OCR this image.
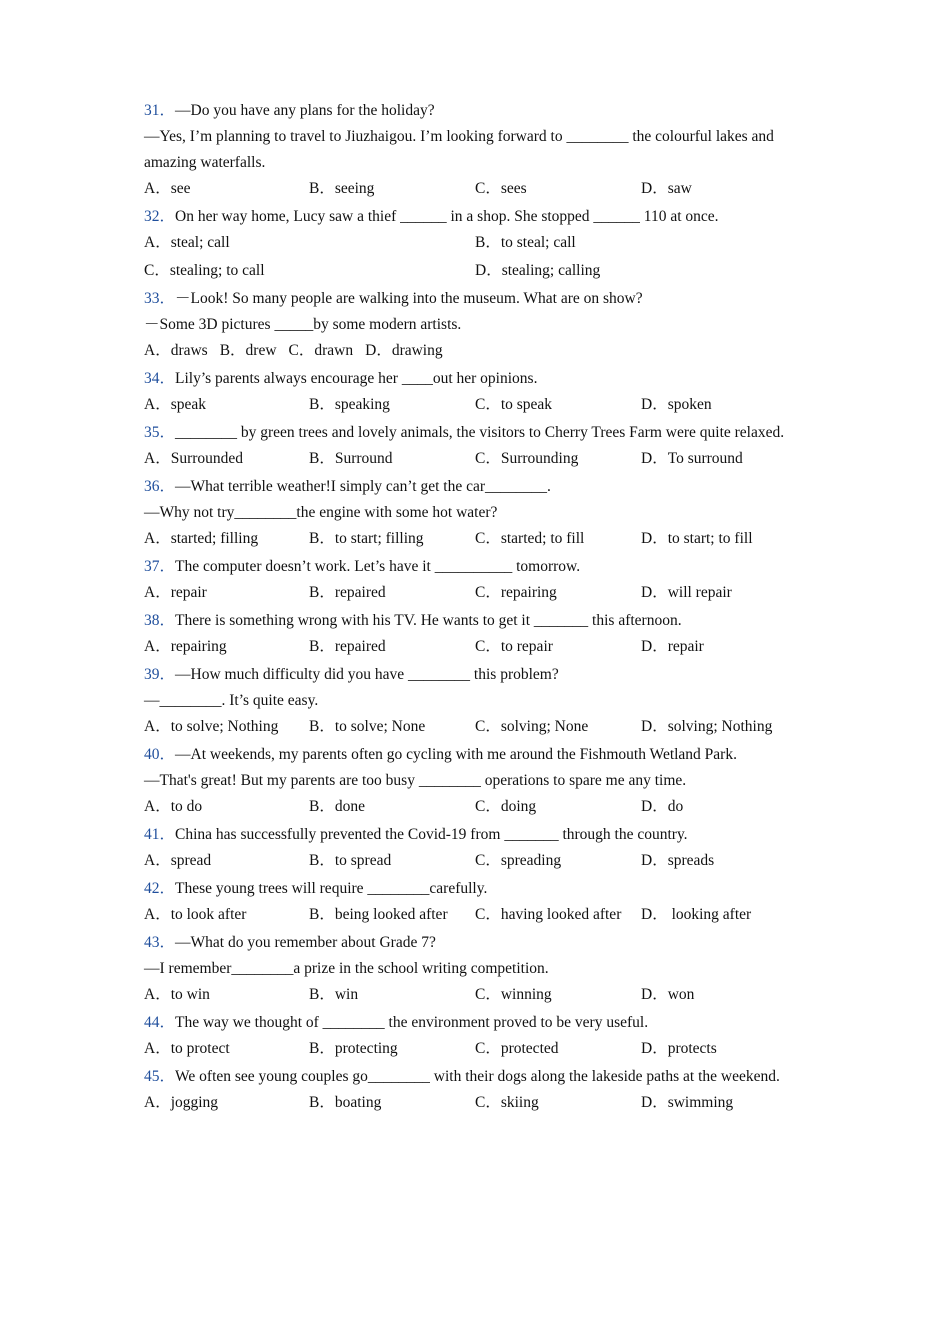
31．—Do you have any plans for the holiday?
—Yes, I’m planning to travel to Jiuzhaigou. I’m looking forward to ________ the colourful lakes and amazing waterfalls.
A．see	B．seeing	C．sees	D．saw
32．On her way home, Lucy saw a thief ______ in a shop. She stopped ______ 110 at once.
A．steal; call	B．to steal; call
C．stealing; to call	D．stealing; calling
33．－Look! So many people are walking into the museum. What are on show?
－Some 3D pictures _____by some modern artists.
A．draws B．drew C．drawn D．drawing
34．Lily’s parents always encourage her ____out her opinions.
A．speak	B．speaking	C．to speak	D．spoken
35．________ by green trees and lovely animals, the visitors to Cherry Trees Farm were quite relaxed.
A．Surrounded	B．Surround	C．Surrounding	D．To surround
36．—What terrible weather!I simply can’t get the car________.
—Why not try________the engine with some hot water?
A．started; filling	B．to start; filling	C．started; to fill	D．to start; to fill
37．The computer doesn’t work. Let’s have it __________ tomorrow.
A．repair	B．repaired	C．repairing	D．will repair
38．There is something wrong with his TV. He wants to get it _______ this afternoon.
A．repairing	B．repaired	C．to repair	D．repair
39．—How much difficulty did you have ________ this problem?
—________. It’s quite easy.
A．to solve; Nothing B．to solve; None	C．solving; None	D．solving; Nothing
40．—At weekends, my parents often go cycling with me around the Fishmouth Wetland Park.
—That's great! But my parents are too busy ________ operations to spare me any time.
A．to do	B．done	C．doing	D．do
41．China has successfully prevented the Covid-19 from _______ through the country.
A．spread	B．to spread	C．spreading	D．spreads
42．These young trees will require ________carefully.
A．to look after	B．being looked after C．having looked after D． looking after
43．—What do you remember about Grade 7?
—I remember________a prize in the school writing competition.
A．to win	B．win	C．winning	D．won
44．The way we thought of ________ the environment proved to be very useful.
A．to protect	B．protecting	C．protected	D．protects
45．We often see young couples go________ with their dogs along the lakeside paths at the weekend.
A．jogging	B．boating	C．skiing	D．swimming
